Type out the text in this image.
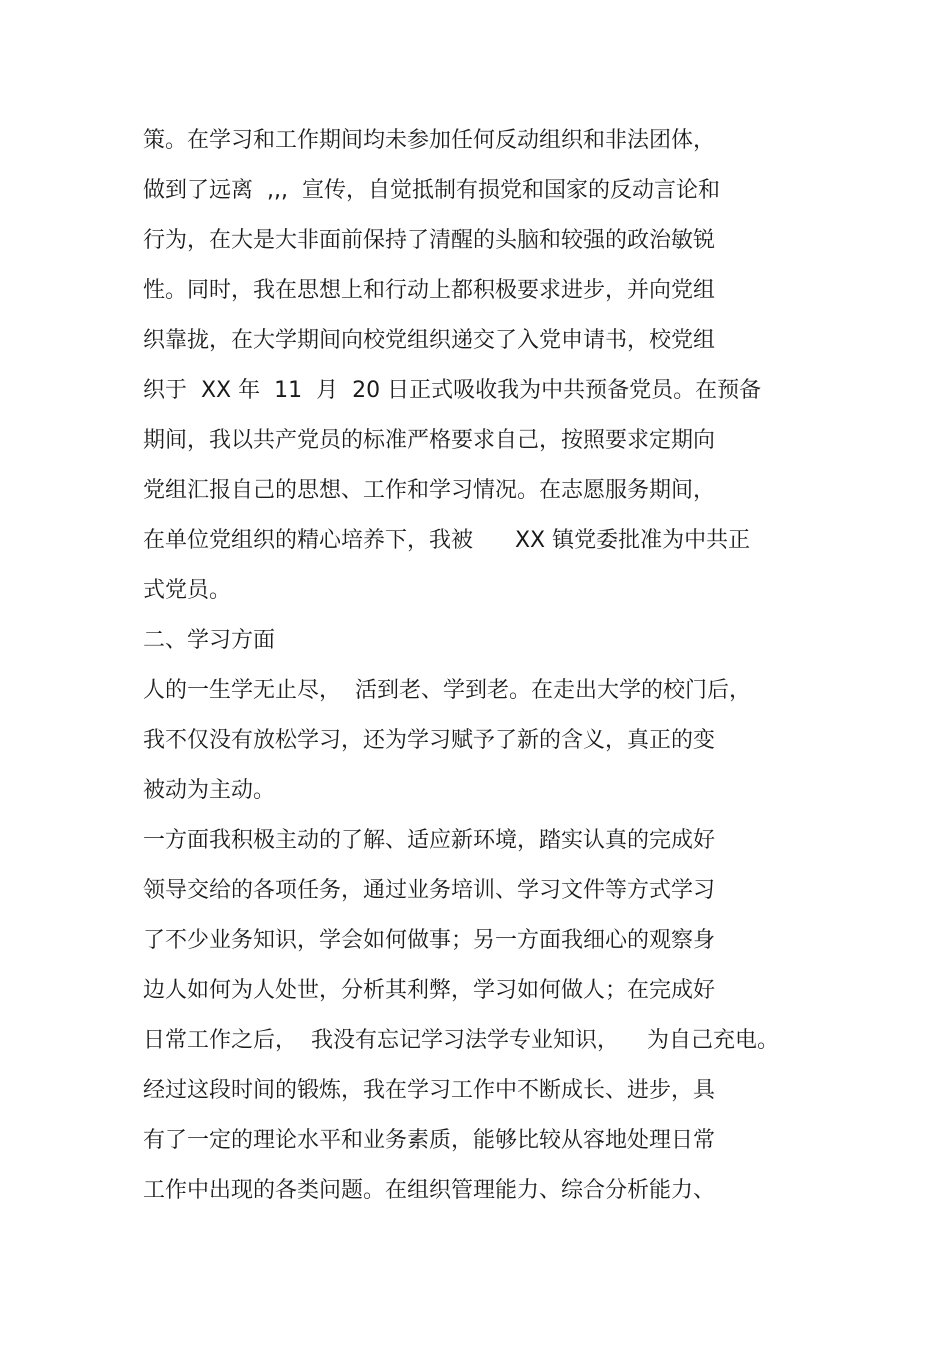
策。在学习和工作期间均未参加任何反动组织和非法团体，
做到了远离  ,,,  宣传，自觉抵制有损党和国家的反动言论和
行为，在大是大非面前保持了清醒的头脑和较强的政治敏锐
性。同时，我在思想上和行动上都积极要求进步，并向党组
织靠拢，在大学期间向校党组织递交了入党申请书，校党组
织于  XX 年  11  月  20 日正式吸收我为中共预备党员。在预备
期间，我以共产党员的标准严格要求自己，按照要求定期向
党组汇报自己的思想、工作和学习情况。在志愿服务期间，
在单位党组织的精心培养下，我被      XX 镇党委批准为中共正
式党员。
二、学习方面
人的一生学无止尽，  活到老、学到老。在走出大学的校门后，
我不仅没有放松学习，还为学习赋予了新的含义，真正的变
被动为主动。
一方面我积极主动的了解、适应新环境，踏实认真的完成好
领导交给的各项任务，通过业务培训、学习文件等方式学习
了不少业务知识，学会如何做事；另一方面我细心的观察身
边人如何为人处世，分析其利弊，学习如何做人；在完成好
日常工作之后，  我没有忘记学习法学专业知识，    为自己充电。
经过这段时间的锻炼，我在学习工作中不断成长、进步，具
有了一定的理论水平和业务素质，能够比较从容地处理日常
工作中出现的各类问题。在组织管理能力、综合分析能力、
